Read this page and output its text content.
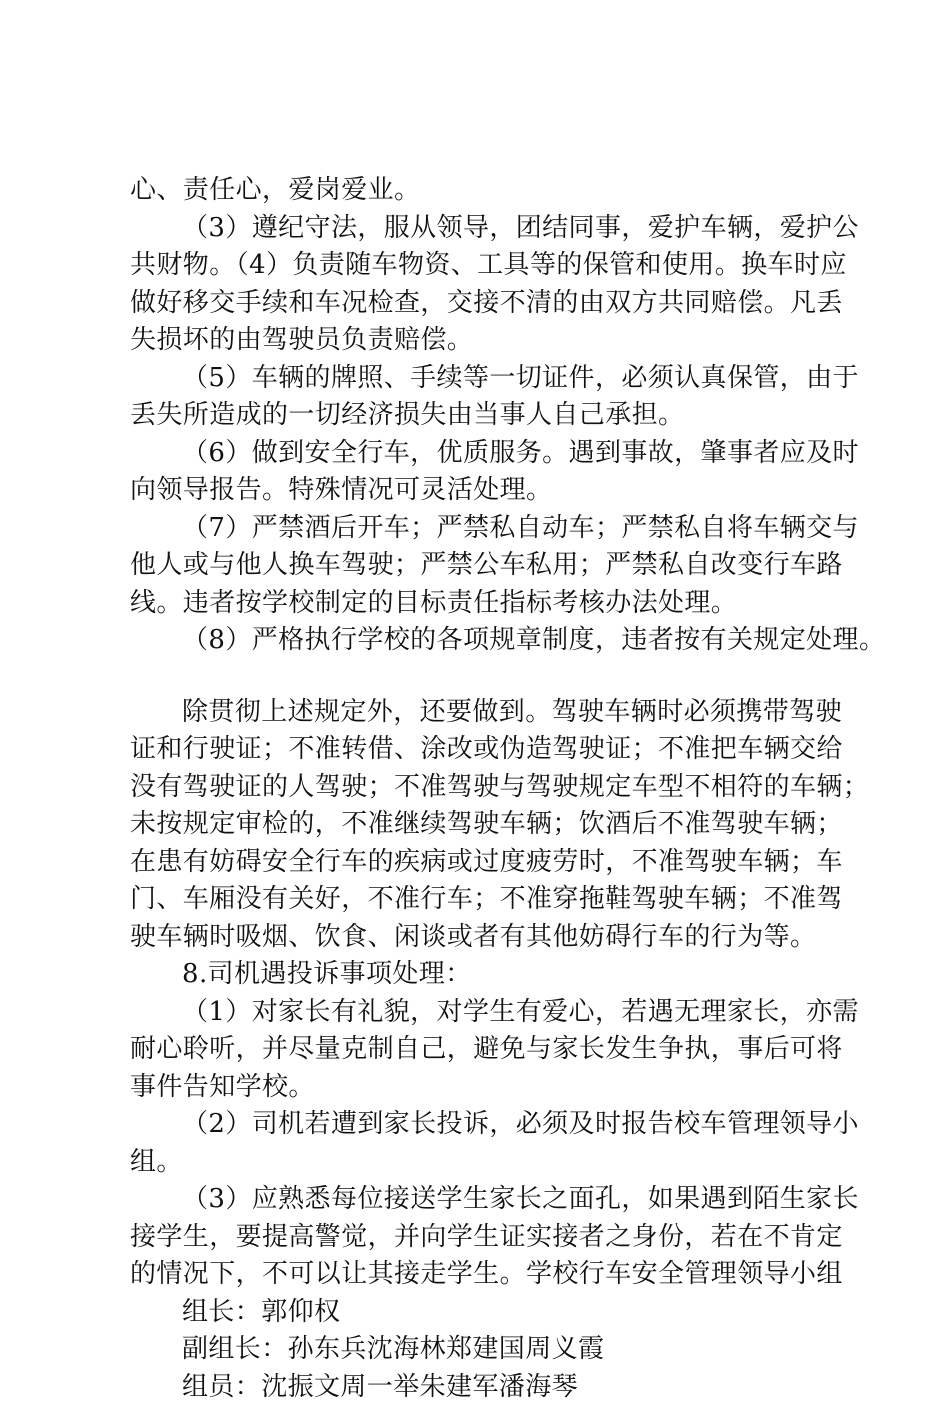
心、责任心，爱岗爱业。
（3）遵纪守法，服从领导，团结同事，爱护车辆，爱护公
共财物。（4）负责随车物资、工具等的保管和使用。换车时应
做好移交手续和车况检查，交接不清的由双方共同赔偿。凡丢
失损坏的由驾驶员负责赔偿。
（5）车辆的牌照、手续等一切证件，必须认真保管，由于
丢失所造成的一切经济损失由当事人自己承担。
（6）做到安全行车，优质服务。遇到事故，肇事者应及时
向领导报告。特殊情况可灵活处理。
（7）严禁酒后开车；严禁私自动车；严禁私自将车辆交与
他人或与他人换车驾驶；严禁公车私用；严禁私自改变行车路
线。违者按学校制定的目标责任指标考核办法处理。
（8）严格执行学校的各项规章制度，违者按有关规定处理。
除贯彻上述规定外，还要做到。驾驶车辆时必须携带驾驶
证和行驶证；不准转借、涂改或伪造驾驶证；不准把车辆交给
没有驾驶证的人驾驶；不准驾驶与驾驶规定车型不相符的车辆；
未按规定审检的，不准继续驾驶车辆；饮酒后不准驾驶车辆；
在患有妨碍安全行车的疾病或过度疲劳时，不准驾驶车辆；车
门、车厢没有关好，不准行车；不准穿拖鞋驾驶车辆；不准驾
驶车辆时吸烟、饮食、闲谈或者有其他妨碍行车的行为等。
8.司机遇投诉事项处理：
（1）对家长有礼貌，对学生有爱心，若遇无理家长，亦需
耐心聆听，并尽量克制自己，避免与家长发生争执，事后可将
事件告知学校。
（2）司机若遭到家长投诉，必须及时报告校车管理领导小
组。
（3）应熟悉每位接送学生家长之面孔，如果遇到陌生家长
接学生，要提高警觉，并向学生证实接者之身份，若在不肯定
的情况下，不可以让其接走学生。学校行车安全管理领导小组
组长：郭仰权
副组长：孙东兵沈海林郑建国周义霞
组员：沈振文周一举朱建军潘海琴
